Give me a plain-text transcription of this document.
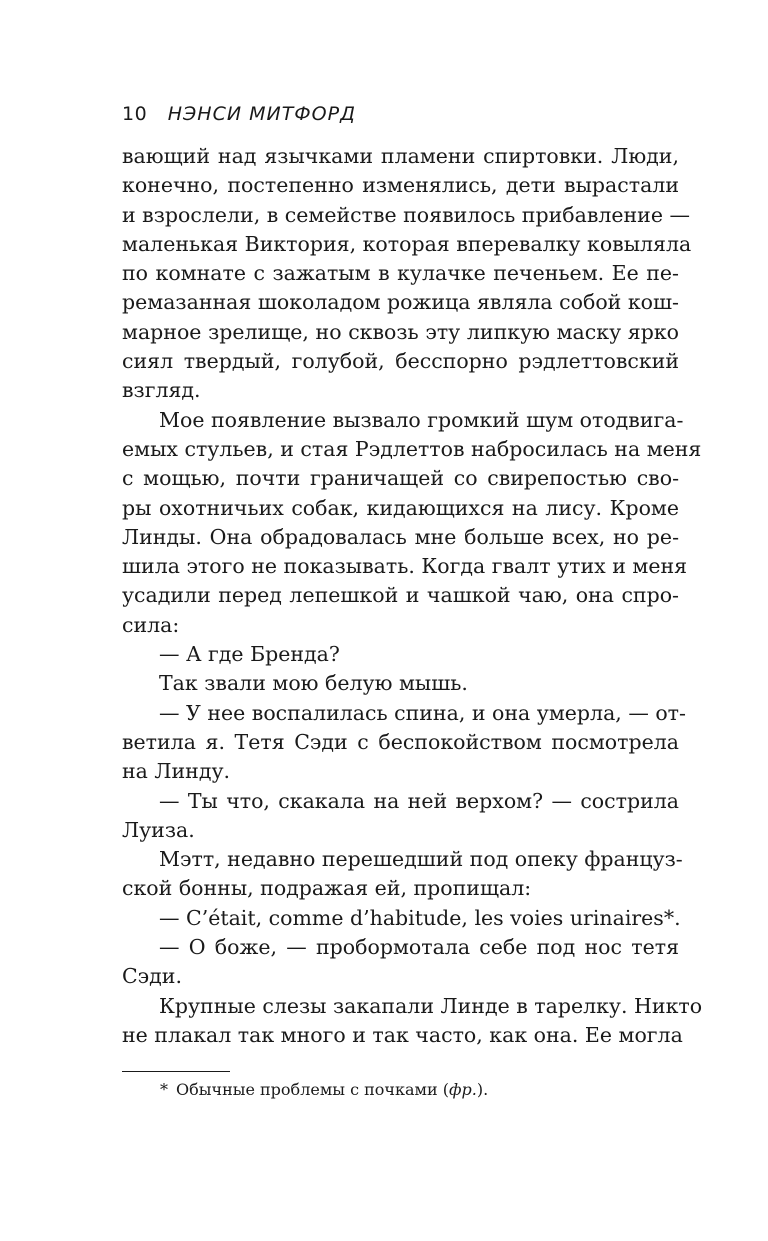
10 НЭНСИ МИТФОРД
вающий над язычками пламени спиртовки. Люди,
конечно, постепенно изменялись, дети вырастали
и взрослели, в семействе появилось прибавление —
маленькая Виктория, которая вперевалку ковыляла
по комнате с зажатым в кулачке печеньем. Ее пе-
ремазанная шоколадом рожица являла собой кош-
марное зрелище, но сквозь эту липкую маску ярко
сиял твердый, голубой, бесспорно рэдлеттовский
взгляд.
Мое появление вызвало громкий шум отодвига-
емых стульев, и стая Рэдлеттов набросилась на меня
с мощью, почти граничащей со свирепостью сво-
ры охотничьих собак, кидающихся на лису. Кроме
Линды. Она обрадовалась мне больше всех, но ре-
шила этого не показывать. Когда гвалт утих и меня
усадили перед лепешкой и чашкой чаю, она спро-
сила:
— А где Бренда?
Так звали мою белую мышь.
— У нее воспалилась спина, и она умерла, — от-
ветила я. Тетя Сэди с беспокойством посмотрела
на Линду.
— Ты что, скакала на ней верхом? — сострила
Луиза.
Мэтт, недавно перешедший под опеку француз-
ской бонны, подражая ей, пропищал:
— C’était, comme d’habitude, les voies urinaires*.
— О боже, — пробормотала себе под нос тетя
Сэди.
Крупные слезы закапали Линде в тарелку. Никто
не плакал так много и так часто, как она. Ее могла
* Обычные проблемы с почками (фр.).
